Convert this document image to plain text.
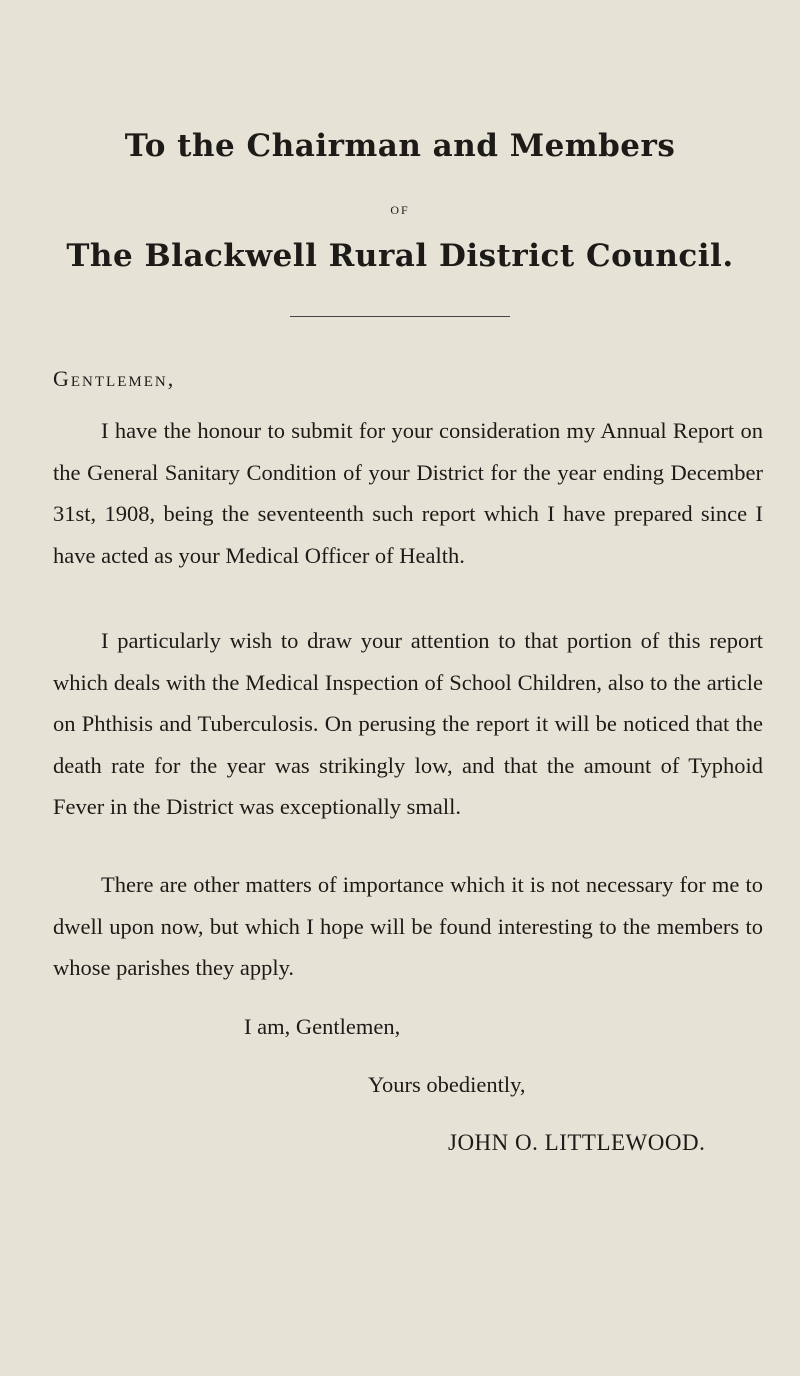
To the Chairman and Members
OF
The Blackwell Rural District Council.
Gentlemen,

I have the honour to submit for your consideration my Annual Report on the General Sanitary Condition of your District for the year ending December 31st, 1908, being the seventeenth such report which I have prepared since I have acted as your Medical Officer of Health.

I particularly wish to draw your attention to that portion of this report which deals with the Medical Inspection of School Children, also to the article on Phthisis and Tuberculosis. On perusing the report it will be noticed that the death rate for the year was strikingly low, and that the amount of Typhoid Fever in the District was exceptionally small.

There are other matters of importance which it is not necessary for me to dwell upon now, but which I hope will be found interesting to the members to whose parishes they apply.

I am, Gentlemen,
Yours obediently,
JOHN O. LITTLEWOOD.
